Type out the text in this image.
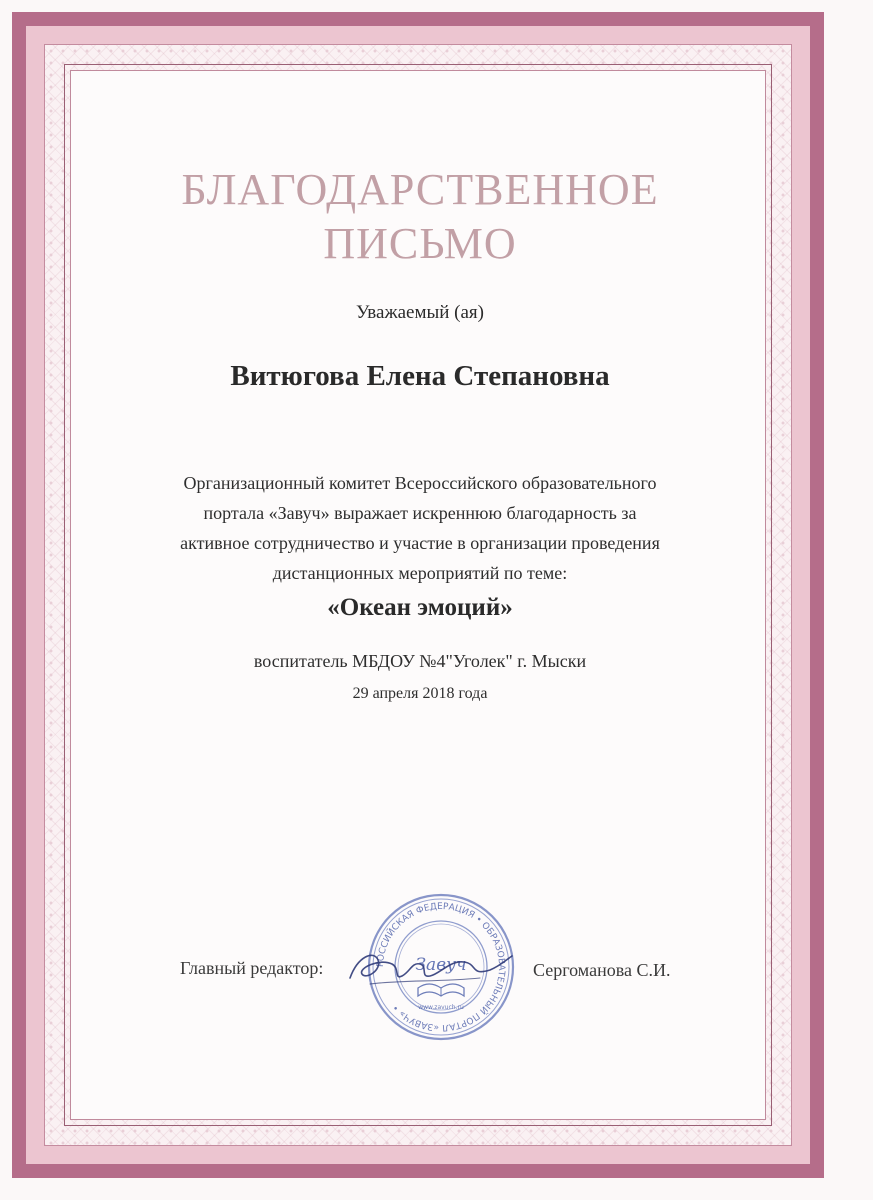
БЛАГОДАРСТВЕННОЕ
ПИСЬМО
Уважаемый (ая)
Витюгова Елена Степановна
Организационный комитет Всероссийского образовательного
портала «Завуч» выражает искреннюю благодарность за
активное сотрудничество и участие в организации проведения
дистанционных мероприятий по теме:
«Океан эмоций»
воспитатель МБДОУ №4"Уголек" г. Мыски
29 апреля 2018 года
Главный редактор:	РОССИЙСКАЯ ФЕДЕРАЦИЯ • ОБРАЗОВАТЕЛЬНЫЙ ПОРТАЛ «ЗАВУЧ» •
Завуч
www.zavuch.ru
Сергоманова С.И.
